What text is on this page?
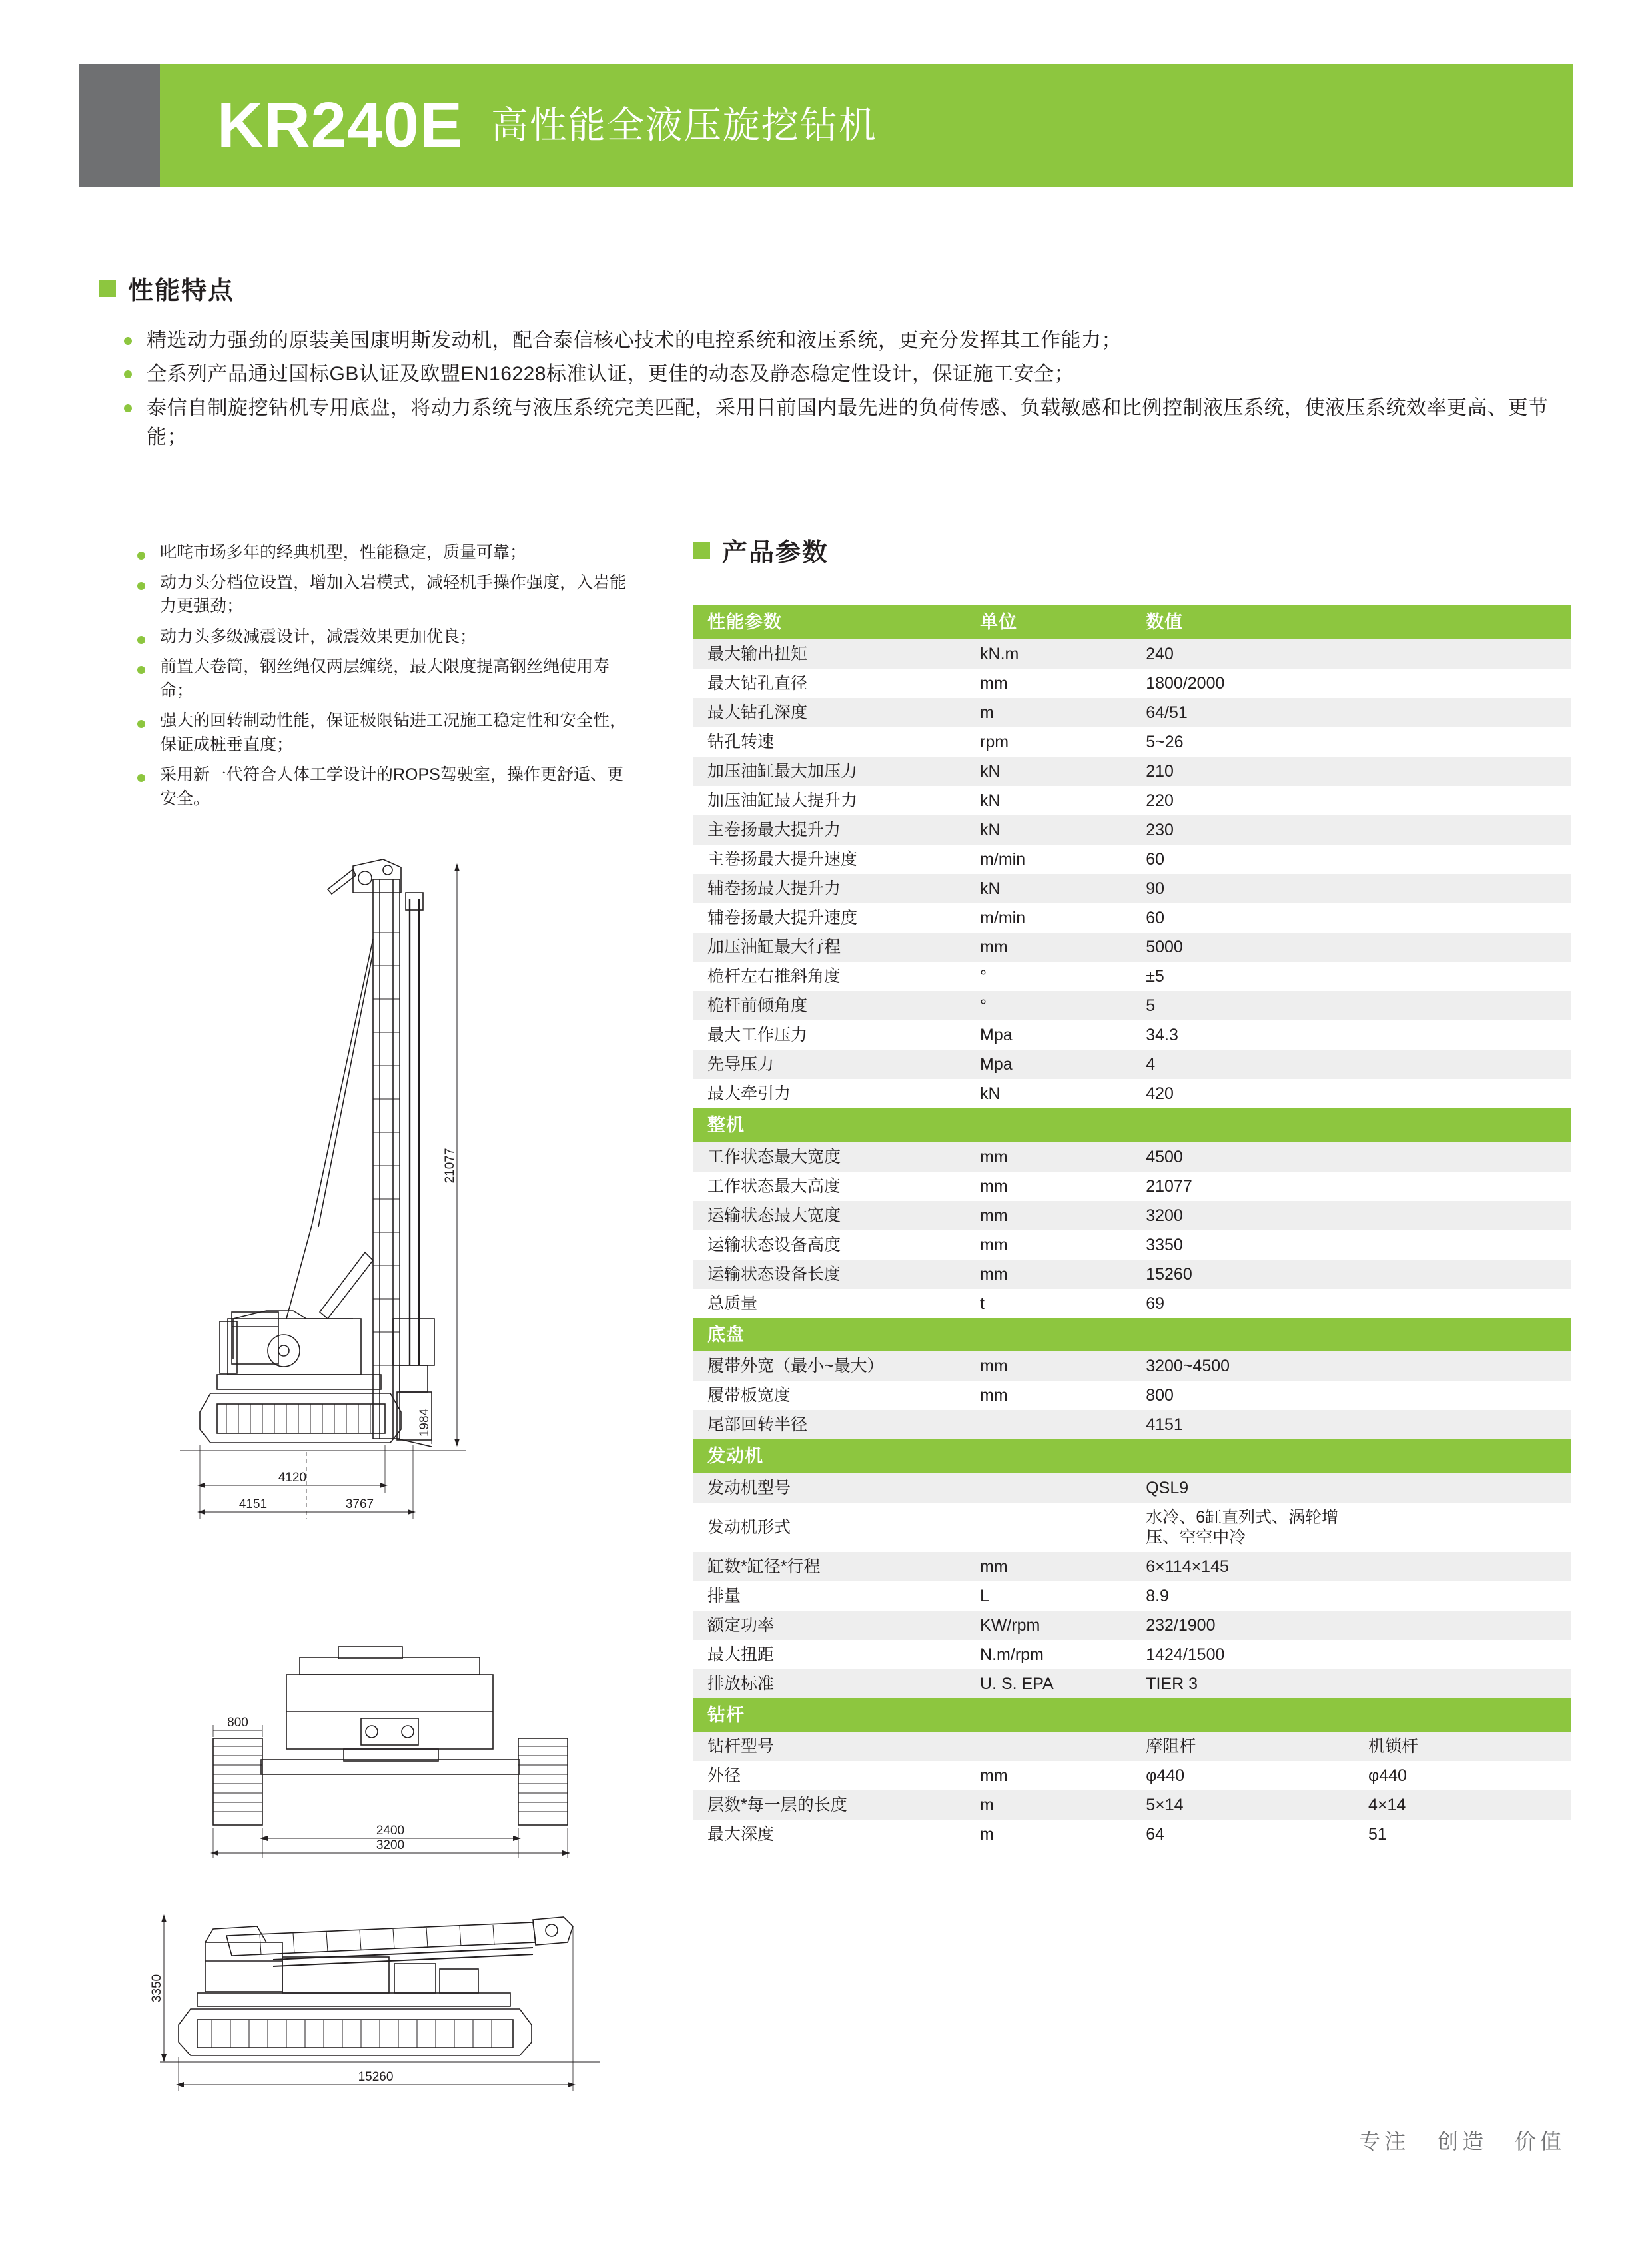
KR240E 高性能全液压旋挖钻机
性能特点
精选动力强劲的原装美国康明斯发动机，配合泰信核心技术的电控系统和液压系统，更充分发挥其工作能力；
全系列产品通过国标GB认证及欧盟EN16228标准认证，更佳的动态及静态稳定性设计，保证施工安全；
泰信自制旋挖钻机专用底盘，将动力系统与液压系统完美匹配，采用目前国内最先进的负荷传感、负载敏感和比例控制液压系统，使液压系统效率更高、更节能；
叱咤市场多年的经典机型，性能稳定，质量可靠；
动力头分档位设置，增加入岩模式，减轻机手操作强度，入岩能力更强劲；
动力头多级减震设计，减震效果更加优良；
前置大卷筒，钢丝绳仅两层缠绕，最大限度提高钢丝绳使用寿命；
强大的回转制动性能，保证极限钻进工况施工稳定性和安全性，保证成桩垂直度；
采用新一代符合人体工学设计的ROPS驾驶室，操作更舒适、更安全。
产品参数
性能参数	单位	数值	
最大输出扭矩	kN.m	240	
最大钻孔直径	mm	1800/2000	
最大钻孔深度	m	64/51	
钻孔转速	rpm	5~26	
加压油缸最大加压力	kN	210	
加压油缸最大提升力	kN	220	
主卷扬最大提升力	kN	230	
主卷扬最大提升速度	m/min	60	
辅卷扬最大提升力	kN	90	
辅卷扬最大提升速度	m/min	60	
加压油缸最大行程	mm	5000	
桅杆左右推斜角度	°	±5	
桅杆前倾角度	°	5	
最大工作压力	Mpa	34.3	
先导压力	Mpa	4	
最大牵引力	kN	420	
整机			
工作状态最大宽度	mm	4500	
工作状态最大高度	mm	21077	
运输状态最大宽度	mm	3200	
运输状态设备高度	mm	3350	
运输状态设备长度	mm	15260	
总质量	t	69	
底盘			
履带外宽（最小~最大）	mm	3200~4500	
履带板宽度	mm	800	
尾部回转半径		4151	
发动机			
发动机型号		QSL9	
发动机形式		水冷、6缸直列式、涡轮增压、空空中冷	
缸数*缸径*行程	mm	6×114×145	
排量	L	8.9	
额定功率	KW/rpm	232/1900	
最大扭距	N.m/rpm	1424/1500	
排放标准	U. S. EPA	TIER 3	
钻杆			
钻杆型号		摩阻杆	机锁杆
外径	mm	φ440	φ440
层数*每一层的长度	m	5×14	4×14
最大深度	m	64	51
21077
1984
4120
4151	3767
800
2400
3200
3350
15260
专注 创造 价值
